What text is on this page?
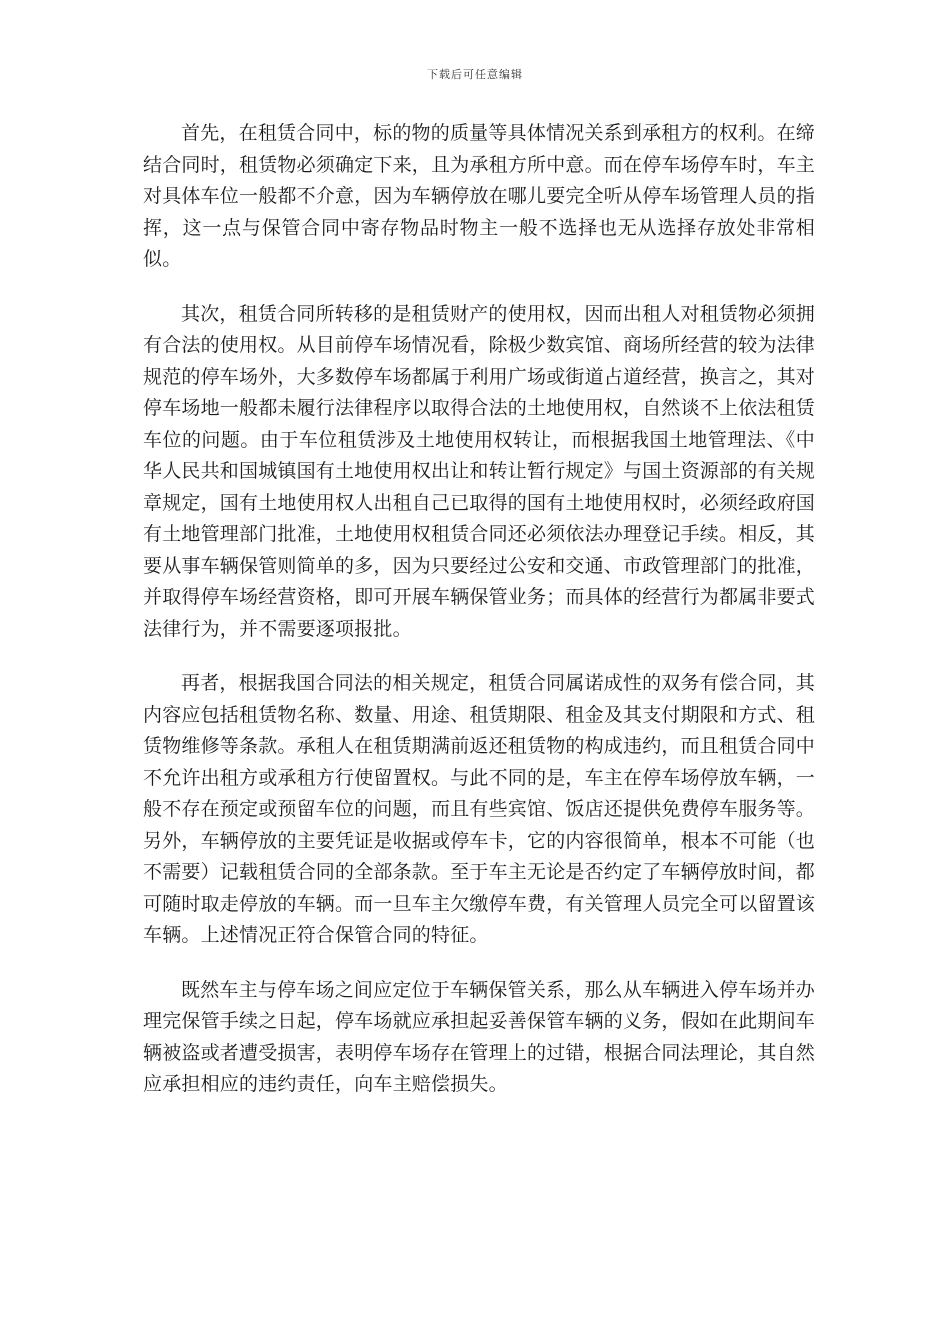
下载后可任意编辑

首先，在租赁合同中，标的物的质量等具体情况关系到承租方的权利。在缔结合同时，租赁物必须确定下来，且为承租方所中意。而在停车场停车时，车主对具体车位一般都不介意，因为车辆停放在哪儿要完全听从停车场管理人员的指挥，这一点与保管合同中寄存物品时物主一般不选择也无从选择存放处非常相似。

其次，租赁合同所转移的是租赁财产的使用权，因而出租人对租赁物必须拥有合法的使用权。从目前停车场情况看，除极少数宾馆、商场所经营的较为法律规范的停车场外，大多数停车场都属于利用广场或街道占道经营，换言之，其对停车场地一般都未履行法律程序以取得合法的土地使用权，自然谈不上依法租赁车位的问题。由于车位租赁涉及土地使用权转让，而根据我国土地管理法、《中华人民共和国城镇国有土地使用权出让和转让暂行规定》与国土资源部的有关规章规定，国有土地使用权人出租自己已取得的国有土地使用权时，必须经政府国有土地管理部门批准，土地使用权租赁合同还必须依法办理登记手续。相反，其要从事车辆保管则简单的多，因为只要经过公安和交通、市政管理部门的批准，并取得停车场经营资格，即可开展车辆保管业务；而具体的经营行为都属非要式法律行为，并不需要逐项报批。

再者，根据我国合同法的相关规定，租赁合同属诺成性的双务有偿合同，其内容应包括租赁物名称、数量、用途、租赁期限、租金及其支付期限和方式、租赁物维修等条款。承租人在租赁期满前返还租赁物的构成违约，而且租赁合同中不允许出租方或承租方行使留置权。与此不同的是，车主在停车场停放车辆，一般不存在预定或预留车位的问题，而且有些宾馆、饭店还提供免费停车服务等。另外，车辆停放的主要凭证是收据或停车卡，它的内容很简单，根本不可能（也不需要）记载租赁合同的全部条款。至于车主无论是否约定了车辆停放时间，都可随时取走停放的车辆。而一旦车主欠缴停车费，有关管理人员完全可以留置该车辆。上述情况正符合保管合同的特征。

既然车主与停车场之间应定位于车辆保管关系，那么从车辆进入停车场并办理完保管手续之日起，停车场就应承担起妥善保管车辆的义务，假如在此期间车辆被盗或者遭受损害，表明停车场存在管理上的过错，根据合同法理论，其自然应承担相应的违约责任，向车主赔偿损失。
